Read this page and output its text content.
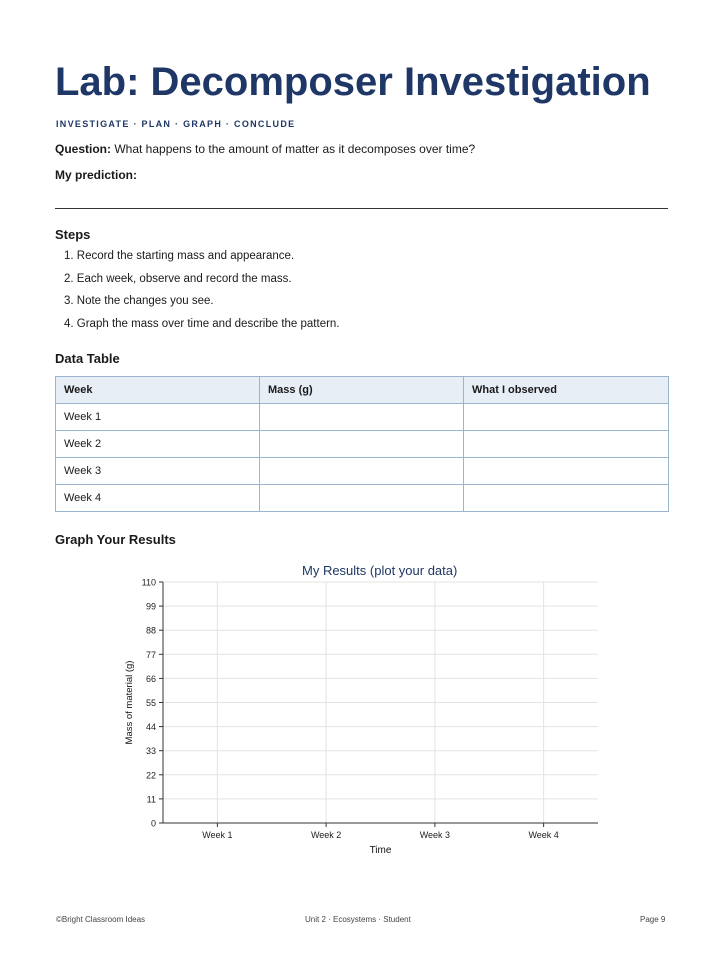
Lab: Decomposer Investigation
INVESTIGATE · PLAN · GRAPH · CONCLUDE
Question: What happens to the amount of matter as it decomposes over time?
My prediction:
Steps
1. Record the starting mass and appearance.
2. Each week, observe and record the mass.
3. Note the changes you see.
4. Graph the mass over time and describe the pattern.
Data Table
Week	Mass (g)	What I observed
Week 1		
Week 2		
Week 3		
Week 4		
Graph Your Results
My Results (plot your data)
0
11
22
33
44
55
66
77
88
99
110
Week 1	Week 2	Week 3	Week 4
Time
Mass of material (g)
©Bright Classroom Ideas	Unit 2 · Ecosystems · Student	Page 9
